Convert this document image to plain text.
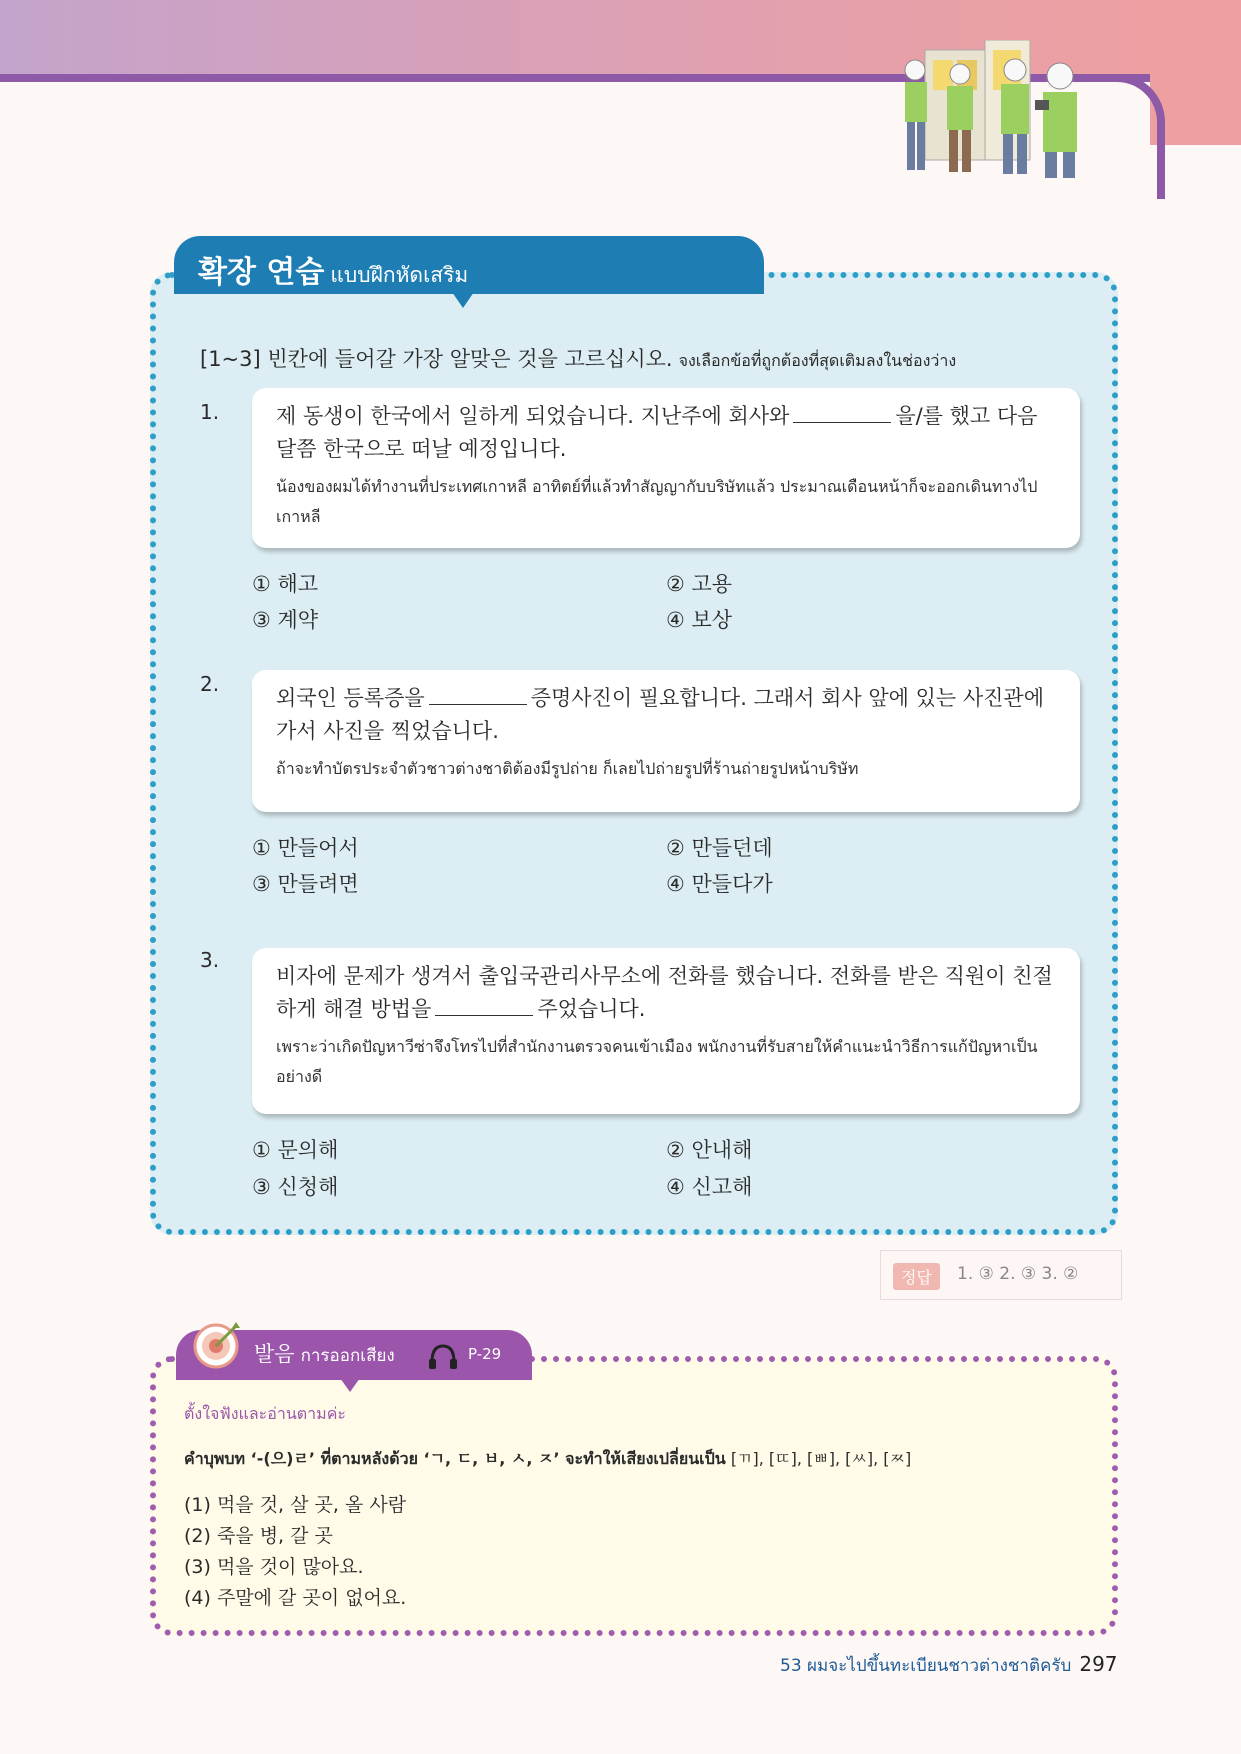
확장 연습 แบบฝึกหัดเสริม
[1~3] 빈칸에 들어갈 가장 알맞은 것을 고르십시오. จงเลือกข้อที่ถูกต้องที่สุดเติมลงในช่องว่าง
1.	제 동생이 한국에서 일하게 되었습니다. 지난주에 회사와	을/를 했고 다음 달쯤 한국으로 떠날 예정입니다.
น้องของผมได้ทำงานที่ประเทศเกาหลี อาทิตย์ที่แล้วทำสัญญากับบริษัทแล้ว ประมาณเดือนหน้าก็จะออกเดินทางไปเกาหลี
① 해고	② 고용
③ 계약	④ 보상
2.
외국인 등록증을	증명사진이 필요합니다. 그래서 회사 앞에 있는 사진관에 가서 사진을 찍었습니다.
ถ้าจะทำบัตรประจำตัวชาวต่างชาติต้องมีรูปถ่าย ก็เลยไปถ่ายรูปที่ร้านถ่ายรูปหน้าบริษัท
① 만들어서	② 만들던데
③ 만들려면	④ 만들다가
3.
비자에 문제가 생겨서 출입국관리사무소에 전화를 했습니다. 전화를 받은 직원이 친절하게 해결 방법을	주었습니다.
เพราะว่าเกิดปัญหาวีซ่าจึงโทรไปที่สำนักงานตรวจคนเข้าเมือง พนักงานที่รับสายให้คำแนะนำวิธีการแก้ปัญหาเป็นอย่างดี
① 문의해	② 안내해
③ 신청해	④ 신고해
정답	1. ③ 2. ③ 3. ②
발음 การออกเสียง	P-29
ตั้งใจฟังและอ่านตามค่ะ
คำบุพบท ‘-(으)ㄹ’ ที่ตามหลังด้วย ‘ㄱ, ㄷ, ㅂ, ㅅ, ㅈ’ จะทำให้เสียงเปลี่ยนเป็น [ㄲ], [ㄸ], [ㅃ], [ㅆ], [ㅉ]
(1) 먹을 것, 살 곳, 올 사람
(2) 죽을 병, 갈 곳
(3) 먹을 것이 많아요.
(4) 주말에 갈 곳이 없어요.
53 ผมจะไปขึ้นทะเบียนชาวต่างชาติครับ 297
